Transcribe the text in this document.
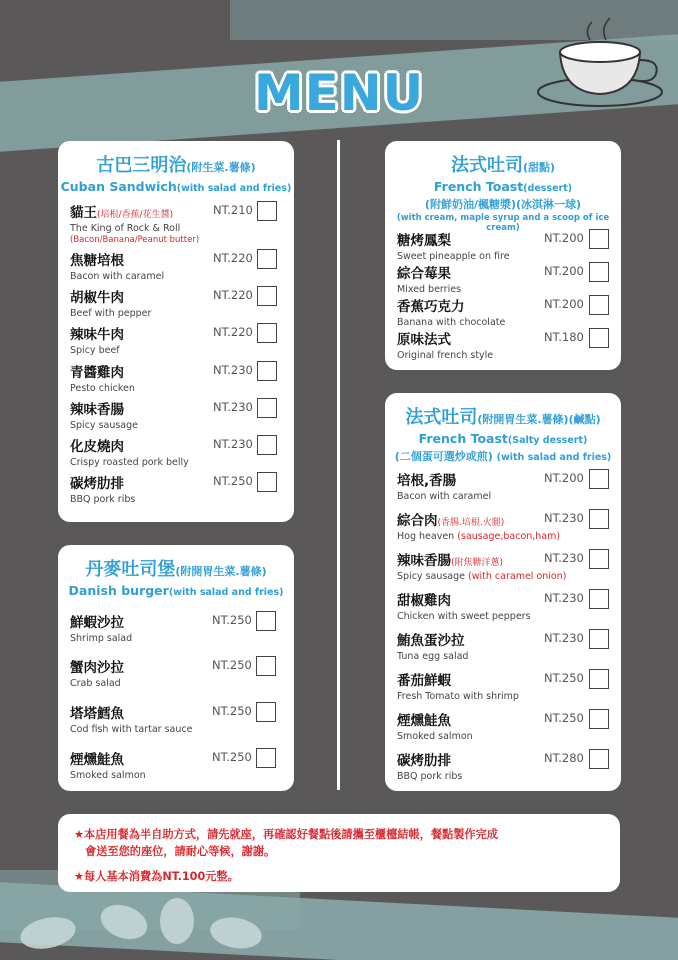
MENU
古巴三明治(附生菜.薯條)
Cuban Sandwich(with salad and fries)
貓王(培根/香蕉/花生醬)
The King of Rock & Roll
(Bacon/Banana/Peanut butter)
NT.210
焦糖培根
Bacon with caramel
NT.220
胡椒牛肉
Beef with pepper
NT.220
辣味牛肉
Spicy beef
NT.220
青醬雞肉
Pesto chicken
NT.230
辣味香腸
Spicy sausage
NT.230
化皮燒肉
Crispy roasted pork belly
NT.230
碳烤肋排
BBQ pork ribs
NT.250
丹麥吐司堡(附開胃生菜.薯條)
Danish burger(with salad and fries)
鮮蝦沙拉
Shrimp salad
NT.250
蟹肉沙拉
Crab salad
NT.250
塔塔鱈魚
Cod fish with tartar sauce
NT.250
煙燻鮭魚
Smoked salmon
NT.250
法式吐司(甜點)
French Toast(dessert)
(附鮮奶油/楓糖漿)(冰淇淋一球)
(with cream, maple syrup and a scoop of ice cream)
糖烤鳳梨
Sweet pineapple on fire
NT.200
綜合莓果
Mixed berries
NT.200
香蕉巧克力
Banana with chocolate
NT.200
原味法式
Original french style
NT.180
法式吐司(附開胃生菜.薯條)(鹹點)
French Toast(Salty dessert)
(二個蛋可選炒或煎) (with salad and fries)
培根,香腸
Bacon with caramel
NT.200
綜合肉(香腸.培根.火腿)
Hog heaven (sausage,bacon,ham)
NT.230
辣味香腸(附焦糖洋蔥)
Spicy sausage (with caramel onion)
NT.230
甜椒雞肉
Chicken with sweet peppers
NT.230
鮪魚蛋沙拉
Tuna egg salad
NT.230
番茄鮮蝦
Fresh Tomato with shrimp
NT.250
煙燻鮭魚
Smoked salmon
NT.250
碳烤肋排
BBQ pork ribs
NT.280

★本店用餐為半自助方式，請先就座，再確認好餐點後請攜至櫃檯結帳，餐點製作完成

會送至您的座位，請耐心等候，謝謝。

★每人基本消費為NT.100元整。
